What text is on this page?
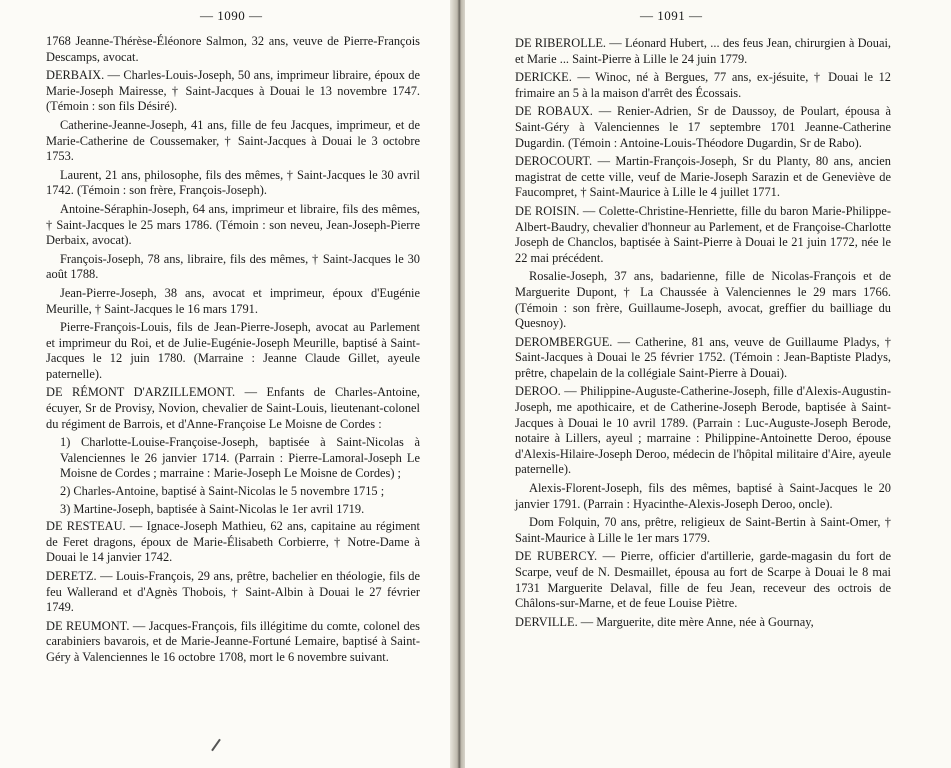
— 1090 —

1768 Jeanne-Thérèse-Éléonore Salmon, 32 ans, veuve de Pierre-François Descamps, avocat.

DERBAIX. — Charles-Louis-Joseph, 50 ans, imprimeur libraire, époux de Marie-Joseph Mairesse, † Saint-Jacques à Douai le 13 novembre 1747. (Témoin : son fils Désiré).

Catherine-Jeanne-Joseph, 41 ans, fille de feu Jacques, imprimeur, et de Marie-Catherine de Coussemaker, † Saint-Jacques à Douai le 3 octobre 1753.

Laurent, 21 ans, philosophe, fils des mêmes, † Saint-Jacques le 30 avril 1742. (Témoin : son frère, François-Joseph).

Antoine-Séraphin-Joseph, 64 ans, imprimeur et libraire, fils des mêmes, † Saint-Jacques le 25 mars 1786. (Témoin : son neveu, Jean-Joseph-Pierre Derbaix, avocat).

François-Joseph, 78 ans, libraire, fils des mêmes, † Saint-Jacques le 30 août 1788.

Jean-Pierre-Joseph, 38 ans, avocat et imprimeur, époux d'Eugénie Meurille, † Saint-Jacques le 16 mars 1791.

Pierre-François-Louis, fils de Jean-Pierre-Joseph, avocat au Parlement et imprimeur du Roi, et de Julie-Eugénie-Joseph Meurille, baptisé à Saint-Jacques le 12 juin 1780. (Marraine : Jeanne Claude Gillet, ayeule paternelle).

DE RÉMONT D'ARZILLEMONT. — Enfants de Charles-Antoine, écuyer, Sr de Provisy, Novion, chevalier de Saint-Louis, lieutenant-colonel du régiment de Barrois, et d'Anne-Françoise Le Moisne de Cordes :

1) Charlotte-Louise-Françoise-Joseph, baptisée à Saint-Nicolas à Valenciennes le 26 janvier 1714. (Parrain : Pierre-Lamoral-Joseph Le Moisne de Cordes ; marraine : Marie-Joseph Le Moisne de Cordes) ;

2) Charles-Antoine, baptisé à Saint-Nicolas le 5 novembre 1715 ;

3) Martine-Joseph, baptisée à Saint-Nicolas le 1er avril 1719.

DE RESTEAU. — Ignace-Joseph Mathieu, 62 ans, capitaine au régiment de Feret dragons, époux de Marie-Élisabeth Corbierre, † Notre-Dame à Douai le 14 janvier 1742.

DERETZ. — Louis-François, 29 ans, prêtre, bachelier en théologie, fils de feu Wallerand et d'Agnès Thobois, † Saint-Albin à Douai le 27 février 1749.

DE REUMONT. — Jacques-François, fils illégitime du comte, colonel des carabiniers bavarois, et de Marie-Jeanne-Fortuné Lemaire, baptisé à Saint-Géry à Valenciennes le 16 octobre 1708, mort le 6 novembre suivant.

— 1091 —

DE RIBEROLLE. — Léonard Hubert, ... des feus Jean, chirurgien à Douai, et Marie ... Saint-Pierre à Lille le 24 juin 1779.

DERICKE. — Winoc, né à Bergues, 77 ans, ex-jésuite, † Douai le 12 frimaire an 5 à la maison d'arrêt des Écossais.

DE ROBAUX. — Renier-Adrien, Sr de Daussoy, de Poulart, épousa à Saint-Géry à Valenciennes le 17 septembre 1701 Jeanne-Catherine Dugardin. (Témoin : Antoine-Louis-Théodore Dugardin, Sr de Rabo).

DEROCOURT. — Martin-François-Joseph, Sr du Planty, 80 ans, ancien magistrat de cette ville, veuf de Marie-Joseph Sarazin et de Geneviève de Faucompret, † Saint-Maurice à Lille le 4 juillet 1771.

DE ROISIN. — Colette-Christine-Henriette, fille du baron Marie-Philippe-Albert-Baudry, chevalier d'honneur au Parlement, et de Françoise-Charlotte Joseph de Chanclos, baptisée à Saint-Pierre à Douai le 21 juin 1772, née le 22 mai précédent.

Rosalie-Joseph, 37 ans, badarienne, fille de Nicolas-François et de Marguerite Dupont, † La Chaussée à Valenciennes le 29 mars 1766. (Témoin : son frère, Guillaume-Joseph, avocat, greffier du bailliage du Quesnoy).

DEROMBERGUE. — Catherine, 81 ans, veuve de Guillaume Pladys, † Saint-Jacques à Douai le 25 février 1752. (Témoin : Jean-Baptiste Pladys, prêtre, chapelain de la collégiale Saint-Pierre à Douai).

DEROO. — Philippine-Auguste-Catherine-Joseph, fille d'Alexis-Augustin-Joseph, me apothicaire, et de Catherine-Joseph Berode, baptisée à Saint-Jacques à Douai le 10 avril 1789. (Parrain : Luc-Auguste-Joseph Berode, notaire à Lillers, ayeul ; marraine : Philippine-Antoinette Deroo, épouse d'Alexis-Hilaire-Joseph Deroo, médecin de l'hôpital militaire d'Aire, ayeule paternelle).

Alexis-Florent-Joseph, fils des mêmes, baptisé à Saint-Jacques le 20 janvier 1791. (Parrain : Hyacinthe-Alexis-Joseph Deroo, oncle).

Dom Folquin, 70 ans, prêtre, religieux de Saint-Bertin à Saint-Omer, † Saint-Maurice à Lille le 1er mars 1779.

DE RUBERCY. — Pierre, officier d'artillerie, garde-magasin du fort de Scarpe, veuf de N. Desmaillet, épousa au fort de Scarpe à Douai le 8 mai 1731 Marguerite Delaval, fille de feu Jean, receveur des octrois de Châlons-sur-Marne, et de feue Louise Piètre.

DERVILLE. — Marguerite, dite mère Anne, née à Gournay,
